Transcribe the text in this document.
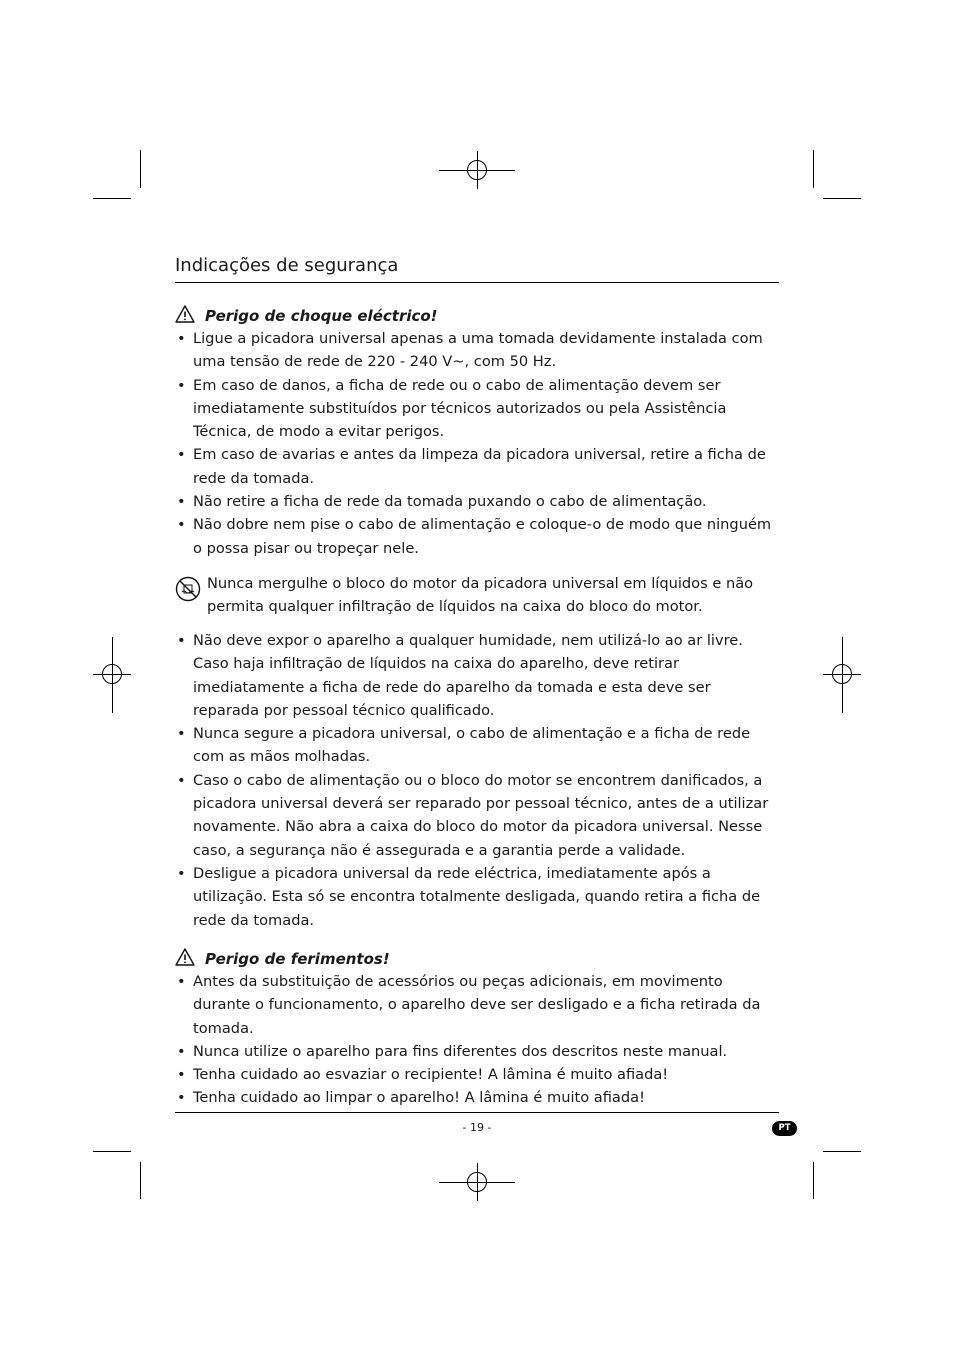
Indicações de segurança
Perigo de choque eléctrico!
• Ligue a picadora universal apenas a uma tomada devidamente instalada com uma tensão de rede de 220 - 240 V~, com 50 Hz.
• Em caso de danos, a ficha de rede ou o cabo de alimentação devem ser imediatamente substituídos por técnicos autorizados ou pela Assistência Técnica, de modo a evitar perigos.
• Em caso de avarias e antes da limpeza da picadora universal, retire a ficha de rede da tomada.
• Não retire a ficha de rede da tomada puxando o cabo de alimentação.
• Não dobre nem pise o cabo de alimentação e coloque-o de modo que ninguém o possa pisar ou tropeçar nele.
Nunca mergulhe o bloco do motor da picadora universal em líquidos e não permita qualquer infiltração de líquidos na caixa do bloco do motor.
• Não deve expor o aparelho a qualquer humidade, nem utilizá-lo ao ar livre. Caso haja infiltração de líquidos na caixa do aparelho, deve retirar imediatamente a ficha de rede do aparelho da tomada e esta deve ser reparada por pessoal técnico qualificado.
• Nunca segure a picadora universal, o cabo de alimentação e a ficha de rede com as mãos molhadas.
• Caso o cabo de alimentação ou o bloco do motor se encontrem danificados, a picadora universal deverá ser reparado por pessoal técnico, antes de a utilizar novamente. Não abra a caixa do bloco do motor da picadora universal. Nesse caso, a segurança não é assegurada e a garantia perde a validade.
• Desligue a picadora universal da rede eléctrica, imediatamente após a utilização. Esta só se encontra totalmente desligada, quando retira a ficha de rede da tomada.
Perigo de ferimentos!
• Antes da substituição de acessórios ou peças adicionais, em movimento durante o funcionamento, o aparelho deve ser desligado e a ficha retirada da tomada.
• Nunca utilize o aparelho para fins diferentes dos descritos neste manual.
• Tenha cuidado ao esvaziar o recipiente! A lâmina é muito afiada!
• Tenha cuidado ao limpar o aparelho! A lâmina é muito afiada!
- 19 -	PT
